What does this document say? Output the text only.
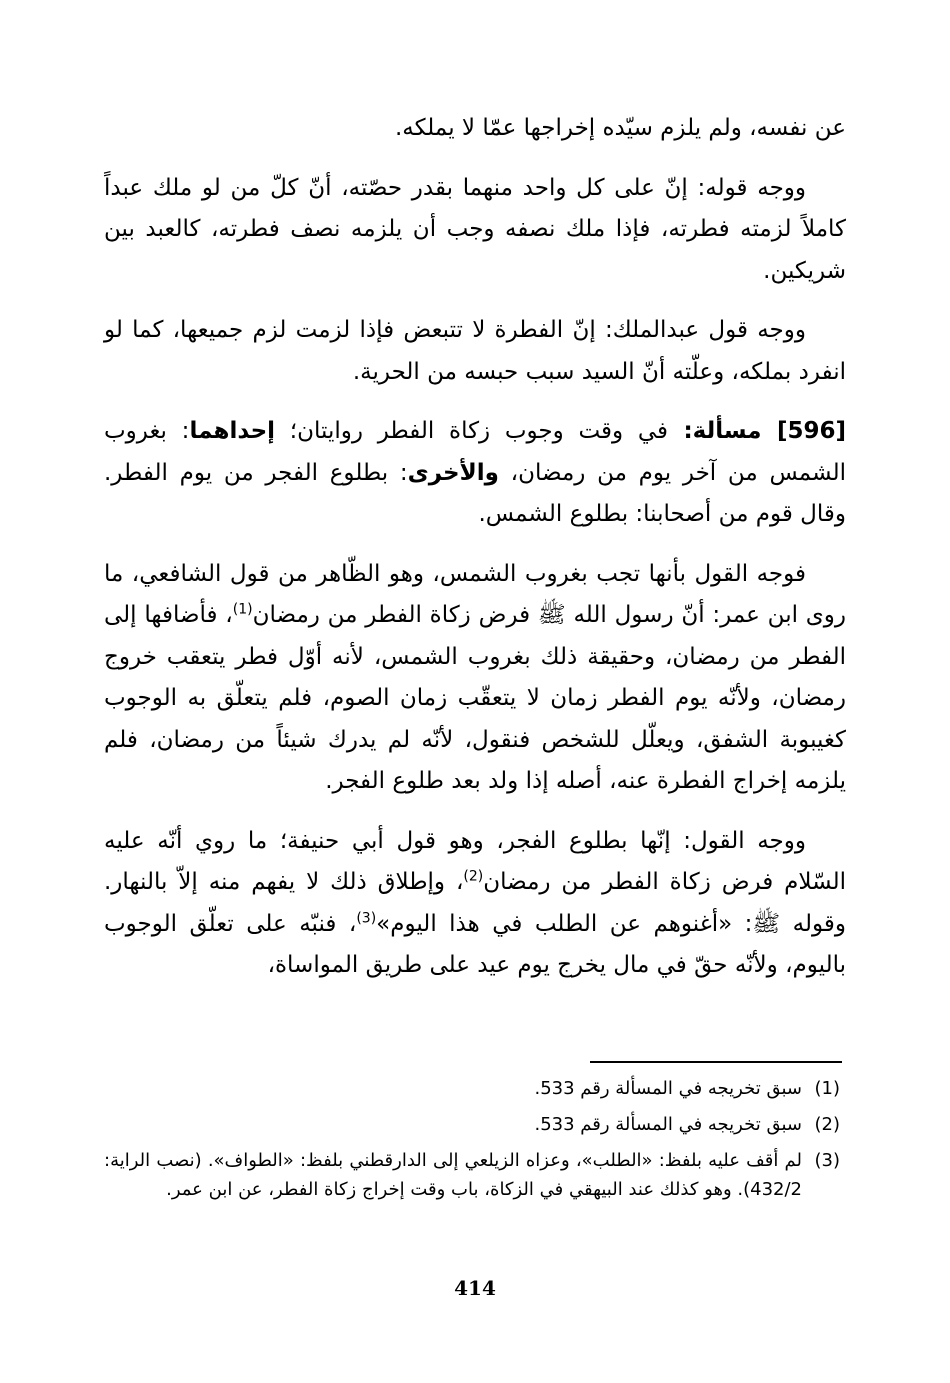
عن نفسه، ولم يلزم سيّده إخراجها عمّا لا يملكه.

ووجه قوله: إنّ على كل واحد منهما بقدر حصّته، أنّ كلّ من لو ملك عبداً كاملاً لزمته فطرته، فإذا ملك نصفه وجب أن يلزمه نصف فطرته، كالعبد بين شريكين.

ووجه قول عبدالملك: إنّ الفطرة لا تتبعض فإذا لزمت لزم جميعها، كما لو انفرد بملكه، وعلّته أنّ السيد سبب حبسه من الحرية.

[596] مسألة: في وقت وجوب زكاة الفطر روايتان؛ إحداهما: بغروب الشمس من آخر يوم من رمضان، والأخرى: بطلوع الفجر من يوم الفطر. وقال قوم من أصحابنا: بطلوع الشمس.

فوجه القول بأنها تجب بغروب الشمس، وهو الظّاهر من قول الشافعي، ما روى ابن عمر: أنّ رسول الله ﷺ فرض زكاة الفطر من رمضان$^{(1)}$، فأضافها إلى الفطر من رمضان، وحقيقة ذلك بغروب الشمس، لأنه أوّل فطر يتعقب خروج رمضان، ولأنّه يوم الفطر زمان لا يتعقّب زمان الصوم، فلم يتعلّق به الوجوب كغيبوبة الشفق، ويعلّل للشخص فنقول، لأنّه لم يدرك شيئاً من رمضان، فلم يلزمه إخراج الفطرة عنه، أصله إذا ولد بعد طلوع الفجر.

ووجه القول: إنّها بطلوع الفجر، وهو قول أبي حنيفة؛ ما روي أنّه عليه السّلام فرض زكاة الفطر من رمضان$^{(2)}$، وإطلاق ذلك لا يفهم منه إلاّ بالنهار. وقوله ﷺ: «أغنوهم عن الطلب في هذا اليوم»$^{(3)}$، فنبّه على تعلّق الوجوب باليوم، ولأنّه حقّ في مال يخرج يوم عيد على طريق المواساة،

(1)
سبق تخريجه في المسألة رقم 533.
(2)
سبق تخريجه في المسألة رقم 533.
(3)
لم أقف عليه بلفظ: «الطلب»، وعزاه الزيلعي إلى الدارقطني بلفظ: «الطواف». (نصب الراية: 432/2). وهو كذلك عند البيهقي في الزكاة، باب وقت إخراج زكاة الفطر، عن ابن عمر.
414
